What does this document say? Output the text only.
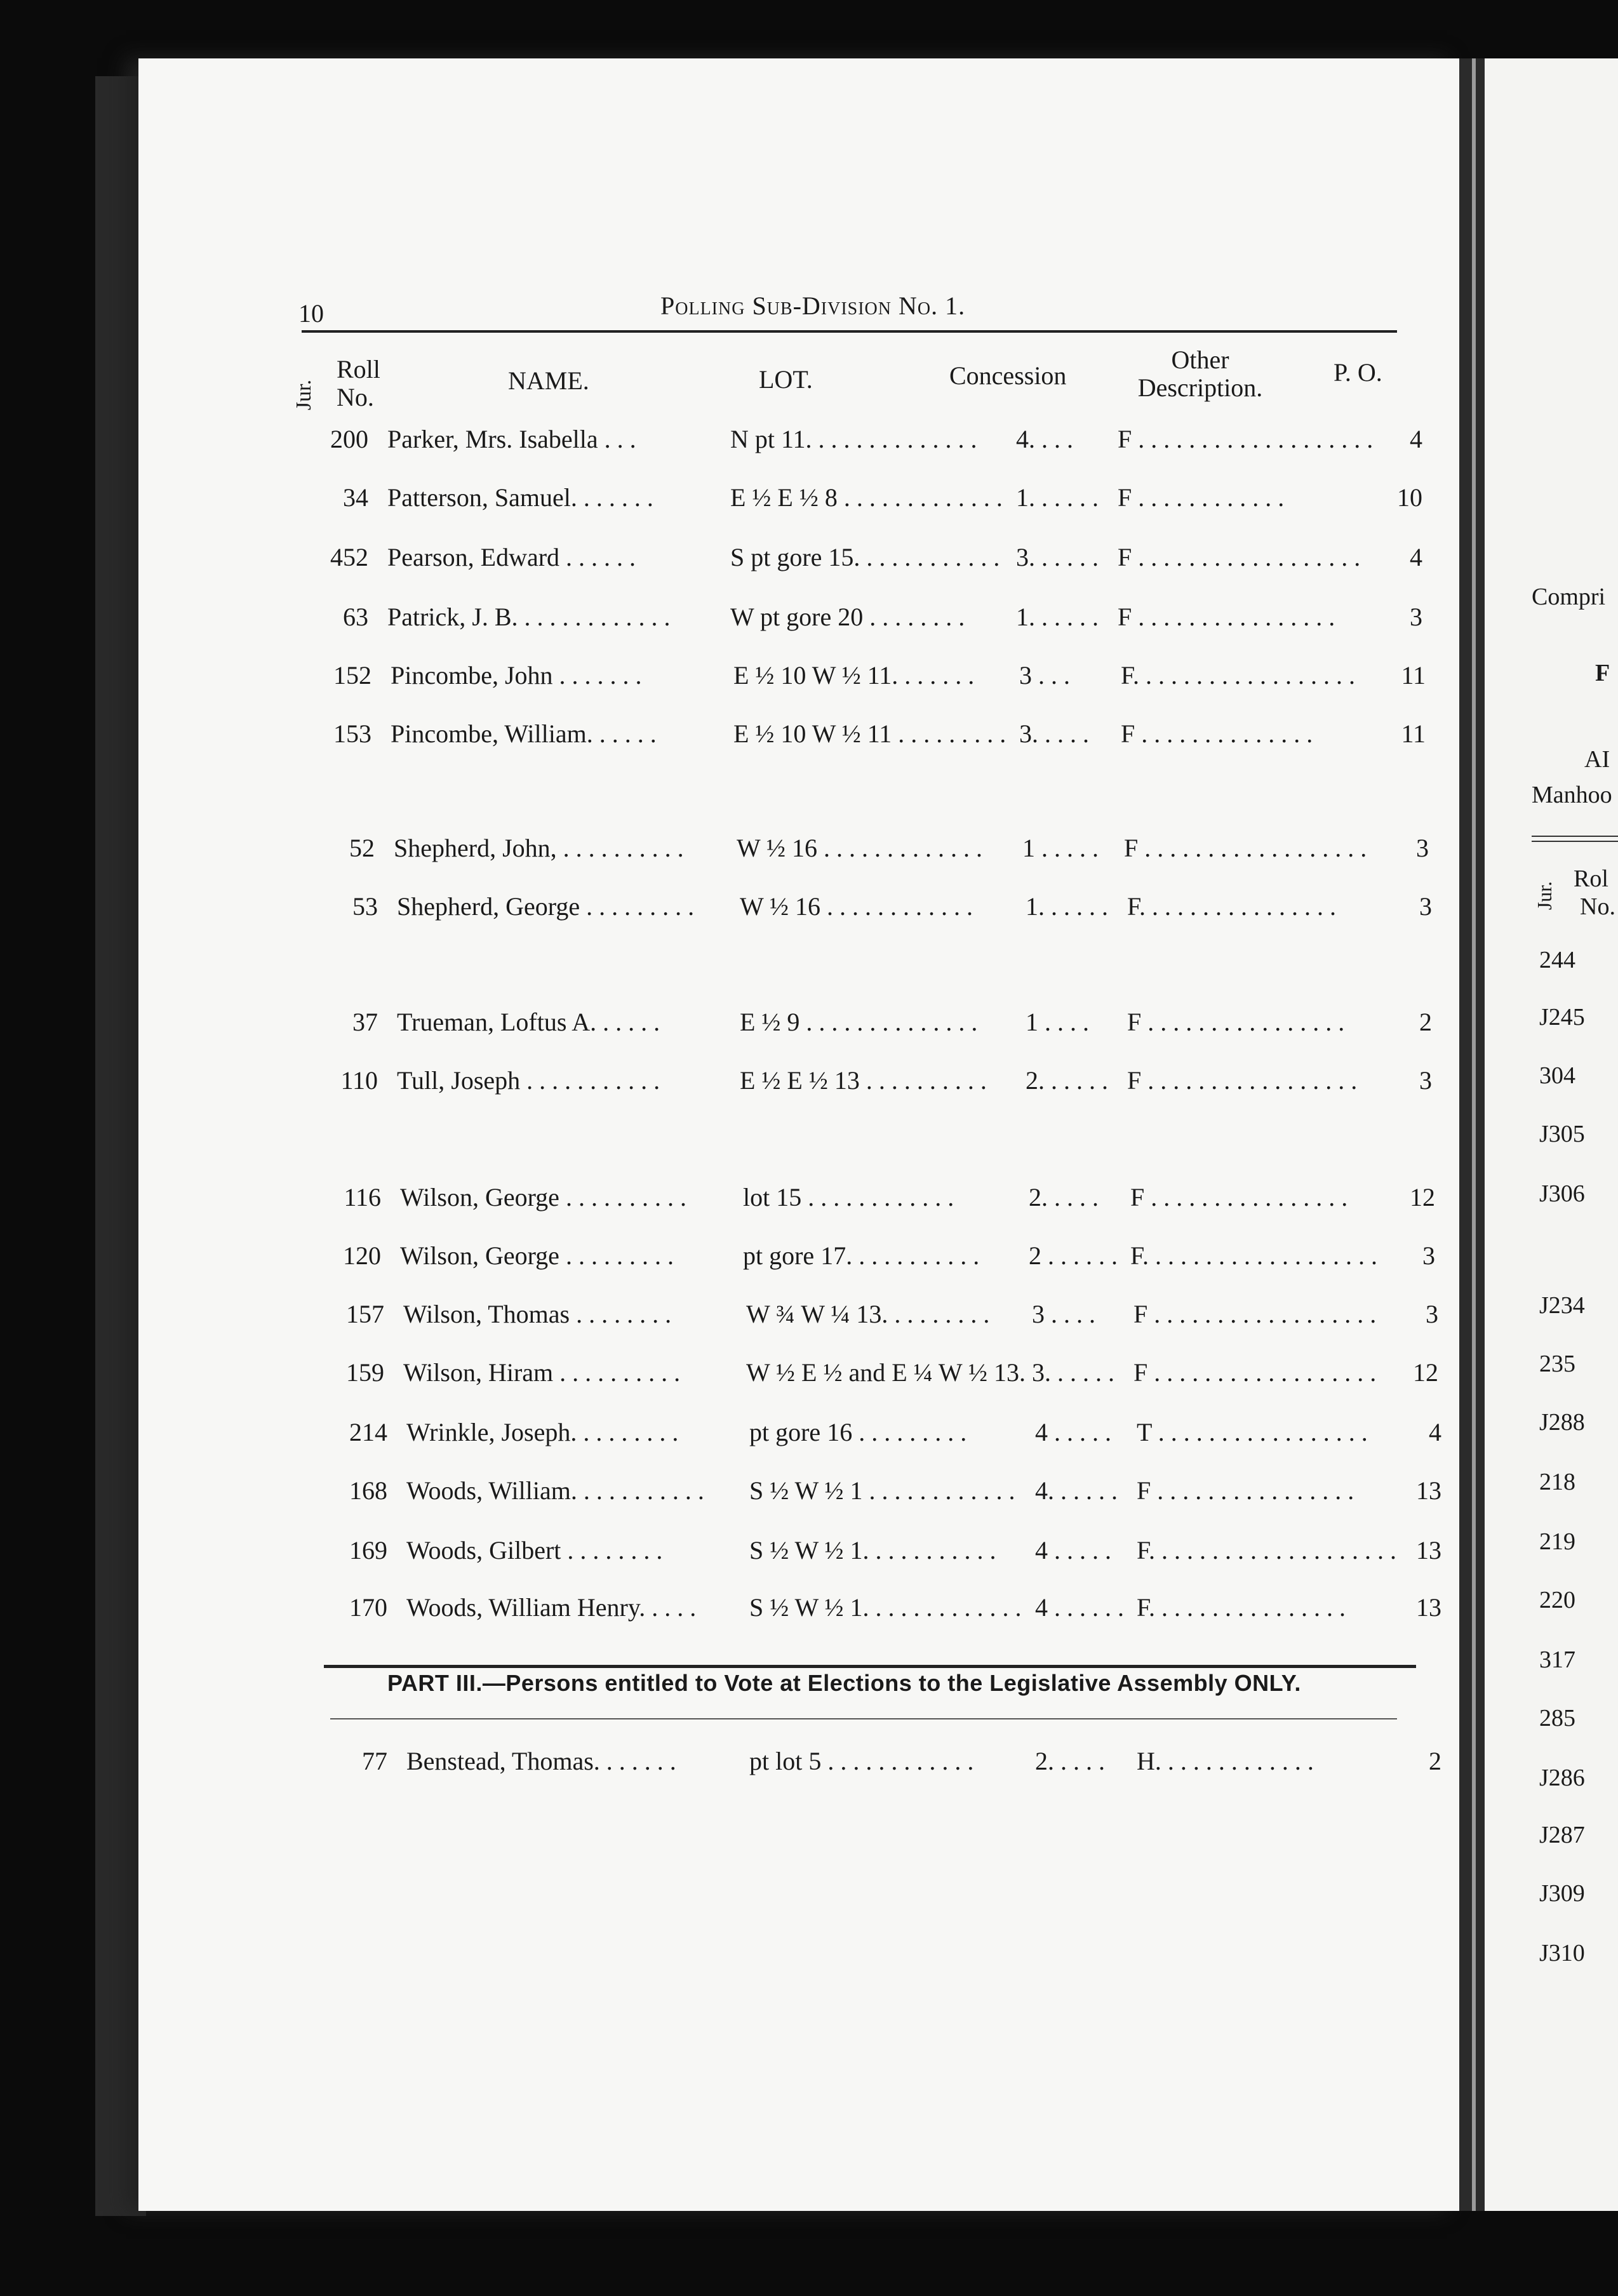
10	Polling Sub-Division No. 1.
Jur.
Roll No.
NAME.	LOT.	Concession
Other Description.
P. O.
200 Parker, Mrs. Isabella . . .	N pt 11. . . . . . . . . . . . . . 4. . . . F . . . . . . . . . . . . . . . . . . . 4
34 Patterson, Samuel. . . . . . .	E ½ E ½ 8 . . . . . . . . . . . . . 1. . . . . . F . . . . . . . . . . . .	10
452 Pearson, Edward . . . . . .	S pt gore 15. . . . . . . . . . . . 3. . . . . . F . . . . . . . . . . . . . . . . . . 4
63 Patrick, J. B. . . . . . . . . . . . . W pt gore 20 . . . . . . . . 1. . . . . . F . . . . . . . . . . . . . . . .	3
152 Pincombe, John . . . . . . .	E ½ 10 W ½ 11. . . . . . . 3 . . . F. . . . . . . . . . . . . . . . . . 11
153 Pincombe, William. . . . . .	E ½ 10 W ½ 11 . . . . . . . . . 3. . . . . F . . . . . . . . . . . . . .	11
52 Shepherd, John, . . . . . . . . . . W ½ 16 . . . . . . . . . . . . . 1 . . . . . F . . . . . . . . . . . . . . . . . . 3
53 Shepherd, George . . . . . . . . . W ½ 16 . . . . . . . . . . . . 1. . . . . . F. . . . . . . . . . . . . . . .	3
37 Trueman, Loftus A. . . . . .	E ½ 9 . . . . . . . . . . . . . . 1 . . . . F . . . . . . . . . . . . . . . .	2
110 Tull, Joseph . . . . . . . . . . .	E ½ E ½ 13 . . . . . . . . . . 2. . . . . . F . . . . . . . . . . . . . . . . . 3
116 Wilson, George . . . . . . . . . . lot 15 . . . . . . . . . . . .	2. . . . . F . . . . . . . . . . . . . . . . 12
120 Wilson, George . . . . . . . . .	pt gore 17. . . . . . . . . . . 2 . . . . . . F. . . . . . . . . . . . . . . . . . . 3
157 Wilson, Thomas . . . . . . . .	W ¾ W ¼ 13. . . . . . . . . 3 . . . . F . . . . . . . . . . . . . . . . . . 3
159 Wilson, Hiram . . . . . . . . . .	W ½ E ½ and E ¼ W ½ 13. 3. . . . . . F . . . . . . . . . . . . . . . . . . 12
214 Wrinkle, Joseph. . . . . . . . .	pt gore 16 . . . . . . . . .	4 . . . . . T . . . . . . . . . . . . . . . . . 4
168 Woods, William. . . . . . . . . . . S ½ W ½ 1 . . . . . . . . . . . . 4. . . . . . F . . . . . . . . . . . . . . . . 13
169 Woods, Gilbert . . . . . . . .	S ½ W ½ 1. . . . . . . . . . . 4 . . . . . F. . . . . . . . . . . . . . . . . . . . 13
170 Woods, William Henry. . . . . S ½ W ½ 1. . . . . . . . . . . . . 4 . . . . . . F. . . . . . . . . . . . . . . .	13
PART III.—Persons entitled to Vote at Elections to the Legislative Assembly ONLY.
77 Benstead, Thomas. . . . . . .	pt lot 5 . . . . . . . . . . . . 2. . . . . H. . . . . . . . . . . . .	2
Compri
F
AI
Manhoo
Jur.
Rol
No.
244
J245
304
J305
J306
J234
235
J288
218
219
220
317
285
J286
J287
J309
J310
